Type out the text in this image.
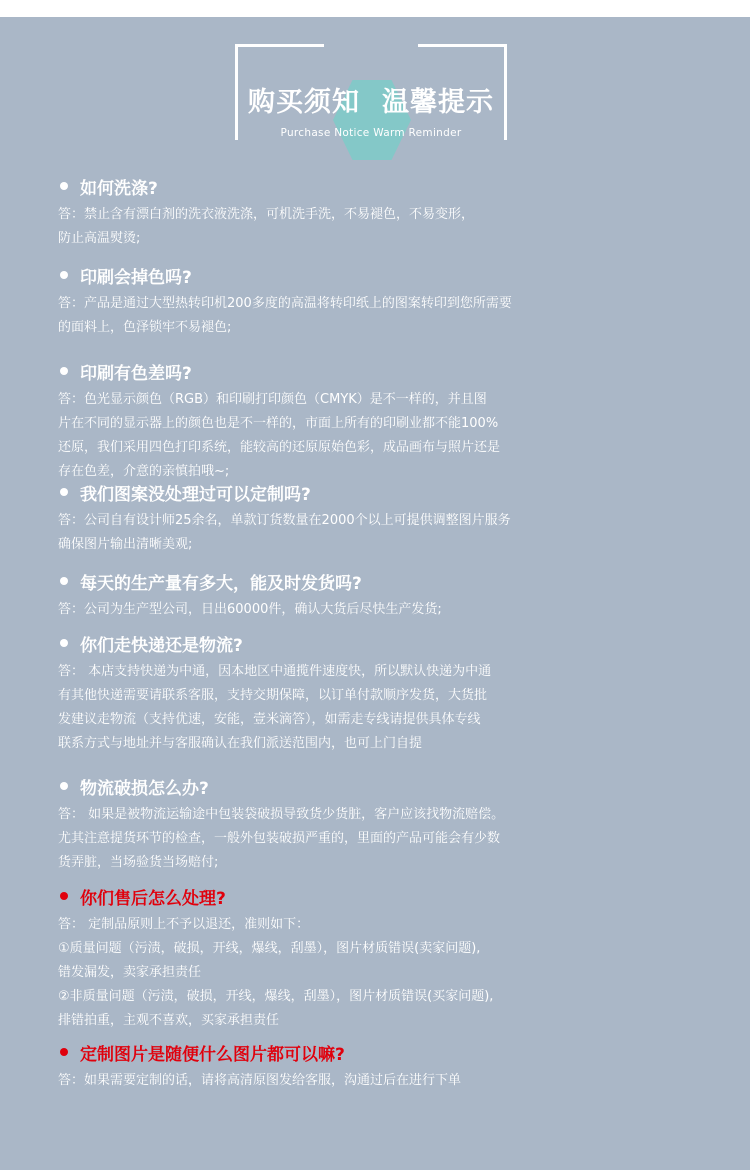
购买须知 温馨提示
Purchase Notice Warm Reminder
如何洗涤?
答：禁止含有漂白剂的洗衣液洗涤，可机洗手洗，不易褪色，不易变形，
防止高温熨烫;
印刷会掉色吗?
答：产品是通过大型热转印机200多度的高温将转印纸上的图案转印到您所需要
的面料上，色泽锁牢不易褪色;
印刷有色差吗?
答：色光显示颜色（RGB）和印刷打印颜色（CMYK）是不一样的，并且图
片在不同的显示器上的颜色也是不一样的，市面上所有的印刷业都不能100%
还原，我们采用四色打印系统，能较高的还原原始色彩，成品画布与照片还是
存在色差，介意的亲慎拍哦~;
我们图案没处理过可以定制吗?
答：公司自有设计师25余名，单款订货数量在2000个以上可提供调整图片服务
确保图片输出清晰美观;
每天的生产量有多大，能及时发货吗?
答：公司为生产型公司，日出60000件，确认大货后尽快生产发货;
你们走快递还是物流?
答： 本店支持快递为中通，因本地区中通揽件速度快，所以默认快递为中通
有其他快递需要请联系客服，支持交期保障，以订单付款顺序发货，大货批
发建议走物流（支持优速，安能，壹米滴答），如需走专线请提供具体专线
联系方式与地址并与客服确认在我们派送范围内，也可上门自提
物流破损怎么办?
答： 如果是被物流运输途中包装袋破损导致货少货脏，客户应该找物流赔偿。
尤其注意提货环节的检查，一般外包装破损严重的，里面的产品可能会有少数
货弄脏，当场验货当场赔付;
你们售后怎么处理?
答： 定制品原则上不予以退还，准则如下：
①质量问题（污渍，破损，开线，爆线，刮墨），图片材质错误(卖家问题),
错发漏发，卖家承担责任
②非质量问题（污渍，破损，开线，爆线，刮墨），图片材质错误(买家问题),
排错拍重，主观不喜欢，买家承担责任
定制图片是随便什么图片都可以嘛?
答：如果需要定制的话，请将高清原图发给客服，沟通过后在进行下单
